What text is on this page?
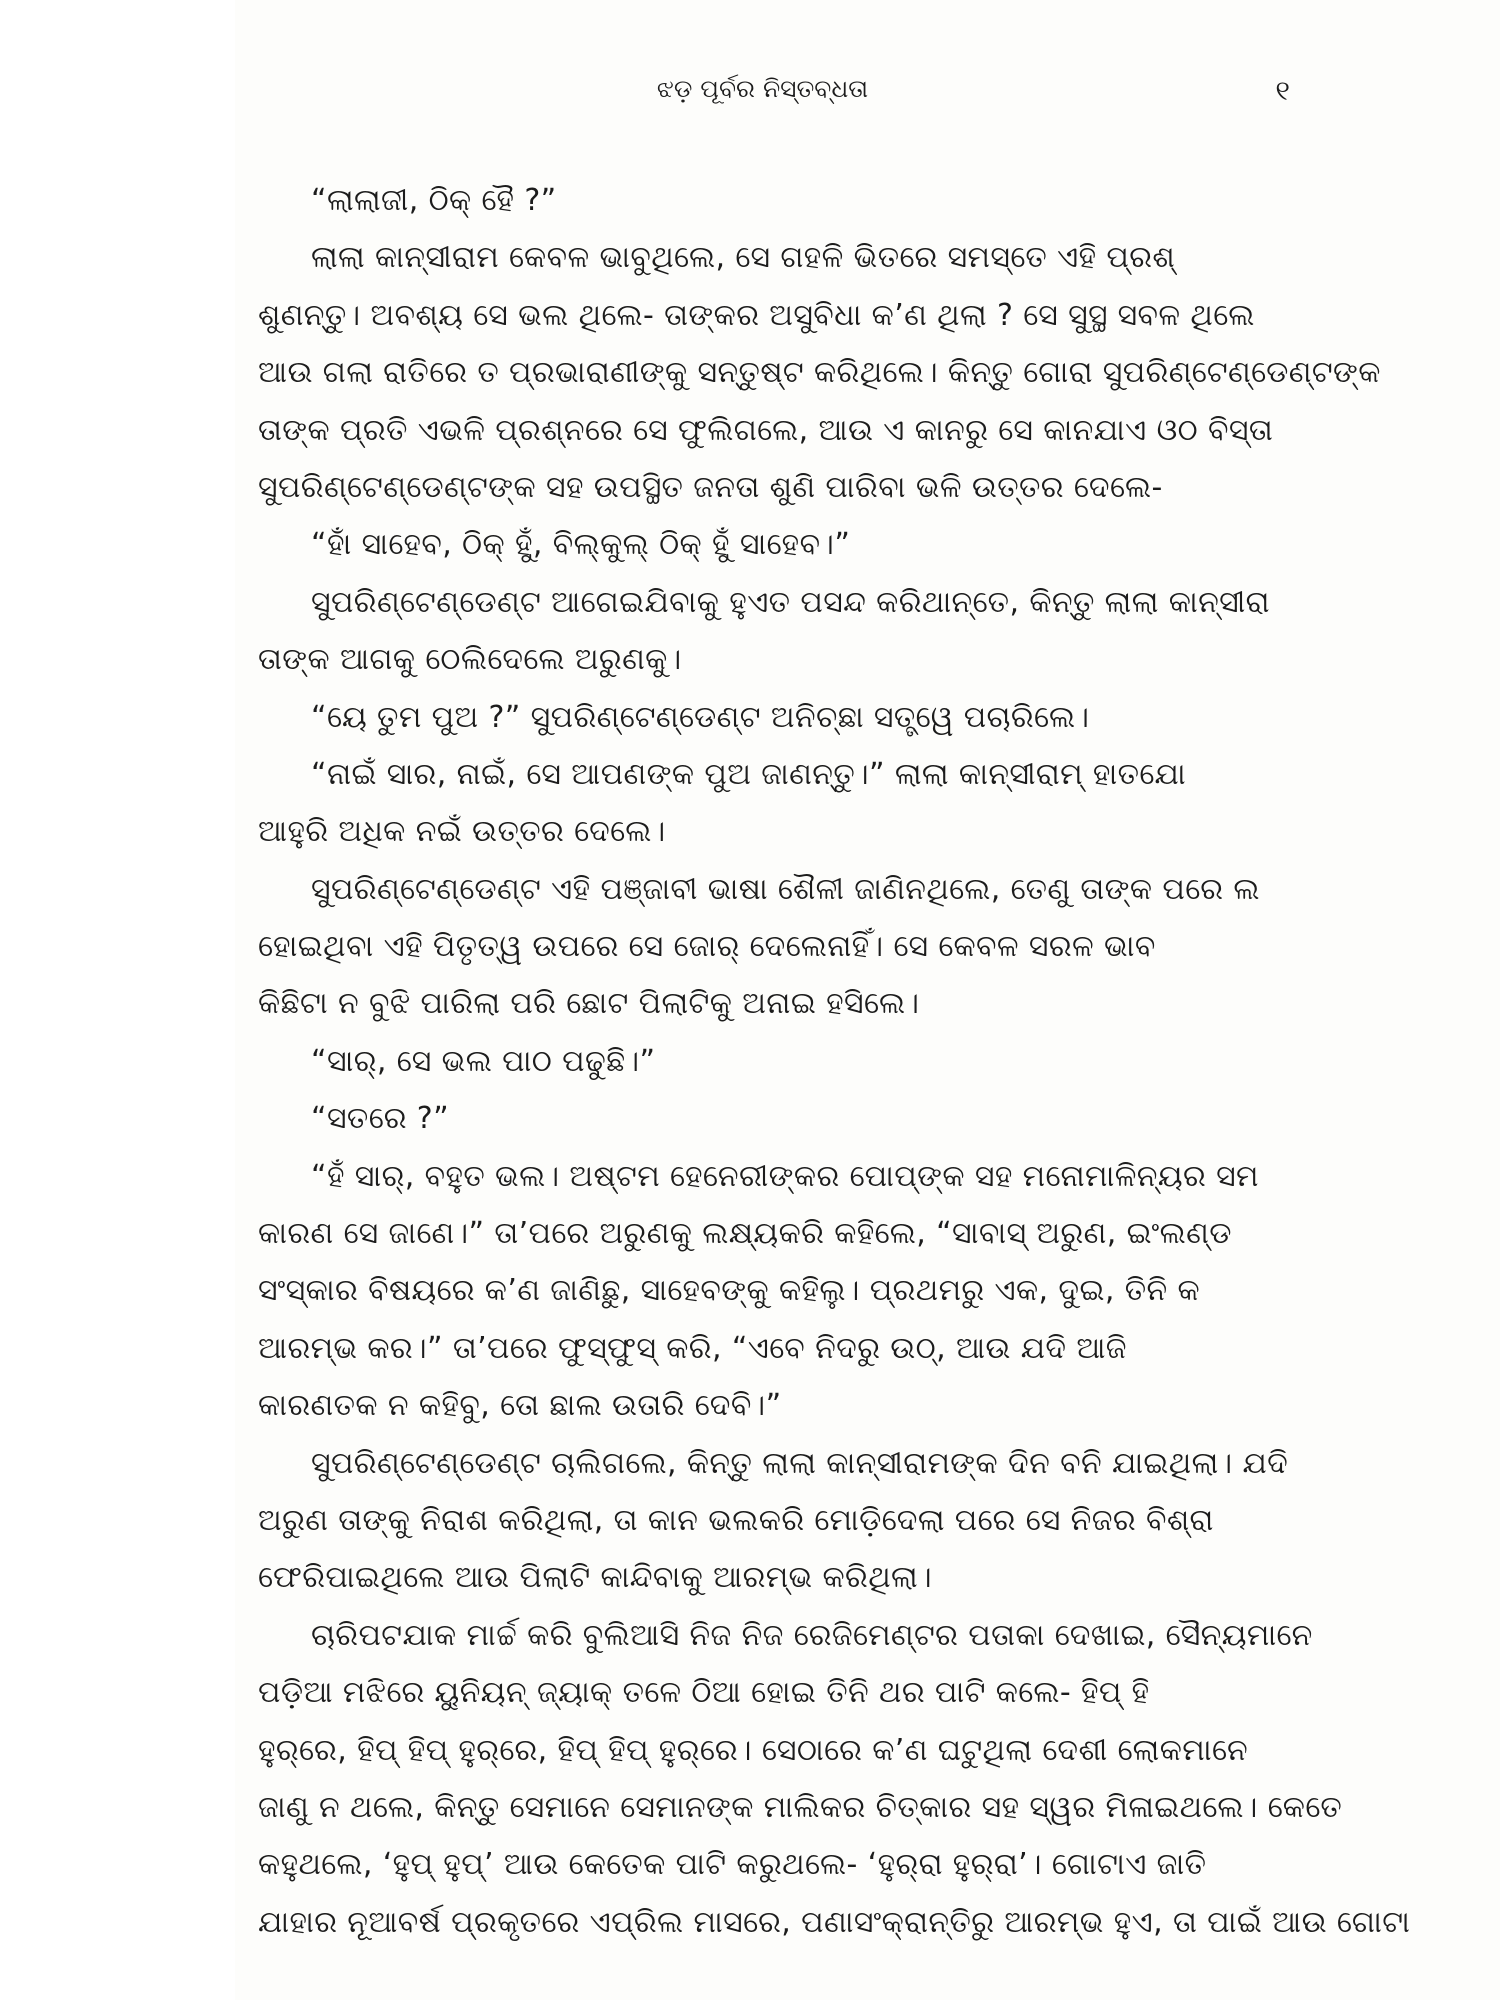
ଝଡ଼ ପୂର୍ବର ନିସ୍ତବ୍ଧତା	୧
“ଲାଲାଜୀ, ଠିକ୍ ହୈ ?”
ଲାଲା କାନ୍ସୀରାମ କେବଳ ଭାବୁଥିଲେ, ସେ ଗହଳି ଭିତରେ ସମସ୍ତେ ଏହି ପ୍ରଶ୍
ଶୁଣନ୍ତୁ। ଅବଶ୍ୟ ସେ ଭଲ ଥିଲେ- ତାଙ୍କର ଅସୁବିଧା କ’ଣ ଥିଲା ? ସେ ସୁସ୍ଥ ସବଳ ଥିଲେ
ଆଉ ଗଲା ରାତିରେ ତ ପ୍ରଭାରାଣୀଙ୍କୁ ସନ୍ତୁଷ୍ଟ କରିଥିଲେ। କିନ୍ତୁ ଗୋରା ସୁପରିଣ୍ଟେଣ୍ଡେଣ୍ଟଙ୍କ
ତାଙ୍କ ପ୍ରତି ଏଭଳି ପ୍ରଶ୍ନରେ ସେ ଫୁଲିଗଲେ, ଆଉ ଏ କାନରୁ ସେ କାନଯାଏ ଓଠ ବିସ୍ତା
ସୁପରିଣ୍ଟେଣ୍ଡେଣ୍ଟଙ୍କ ସହ ଉପସ୍ଥିତ ଜନତା ଶୁଣି ପାରିବା ଭଳି ଉତ୍ତର ଦେଲେ-
“ହାଁ ସାହେବ, ଠିକ୍ ହୁଁ, ବିଲ୍‌କୁଲ୍ ଠିକ୍ ହୁଁ ସାହେବ।”
ସୁପରିଣ୍ଟେଣ୍ଡେଣ୍ଟ ଆଗେଇଯିବାକୁ ହୁଏତ ପସନ୍ଦ କରିଥାନ୍ତେ, କିନ୍ତୁ ଲାଲା କାନ୍ସୀରା
ତାଙ୍କ ଆଗକୁ ଠେଲିଦେଲେ ଅରୁଣକୁ।
“ୟେ ତୁମ ପୁଅ ?” ସୁପରିଣ୍ଟେଣ୍ଡେଣ୍ଟ ଅନିଚ୍ଛା ସତ୍ତ୍ୱେ ପଚାରିଲେ।
“ନାଇଁ ସାର, ନାଇଁ, ସେ ଆପଣଙ୍କ ପୁଅ ଜାଣନ୍ତୁ।” ଲାଲା କାନ୍ସୀରାମ୍ ହାତଯୋ
ଆହୁରି ଅଧିକ ନଇଁ ଉତ୍ତର ଦେଲେ।
ସୁପରିଣ୍ଟେଣ୍ଡେଣ୍ଟ ଏହି ପଞ୍ଜାବୀ ଭାଷା ଶୈଳୀ ଜାଣିନଥିଲେ, ତେଣୁ ତାଙ୍କ ପରେ ଲ
ହୋଇଥିବା ଏହି ପିତୃତ୍ୱ ଉପରେ ସେ ଜୋର୍ ଦେଲେନାହିଁ। ସେ କେବଳ ସରଳ ଭାବ
କିଛିଟା ନ ବୁଝି ପାରିଲା ପରି ଛୋଟ ପିଲାଟିକୁ ଅନାଇ ହସିଲେ।
“ସାର୍, ସେ ଭଲ ପାଠ ପଢୁଛି।”
“ସତରେ ?”
“ହଁ ସାର୍, ବହୁତ ଭଲ। ଅଷ୍ଟମ ହେନେରୀଙ୍କର ପୋପ୍‌ଙ୍କ ସହ ମନୋମାଳିନ୍ୟର ସମ
କାରଣ ସେ ଜାଣେ।” ତା’ପରେ ଅରୁଣକୁ ଲକ୍ଷ୍ୟକରି କହିଲେ, “ସାବାସ୍ ଅରୁଣ, ଇଂଲଣ୍ଡ
ସଂସ୍କାର ବିଷୟରେ କ’ଣ ଜାଣିଛୁ, ସାହେବଙ୍କୁ କହିଲୁ। ପ୍ରଥମରୁ ଏକ, ଦୁଇ, ତିନି କ
ଆରମ୍ଭ କର।” ତା’ପରେ ଫୁସ୍‌ଫୁସ୍ କରି, “ଏବେ ନିଦରୁ ଉଠ୍, ଆଉ ଯଦି ଆଜି
କାରଣତକ ନ କହିବୁ, ତୋ ଛାଲ ଉତାରି ଦେବି।”
ସୁପରିଣ୍ଟେଣ୍ଡେଣ୍ଟ ଚାଲିଗଲେ, କିନ୍ତୁ ଲାଲା କାନ୍ସୀରାମଙ୍କ ଦିନ ବନି ଯାଇଥିଲା। ଯଦି
ଅରୁଣ ତାଙ୍କୁ ନିରାଶ କରିଥିଲା, ତା କାନ ଭଲକରି ମୋଡ଼ିଦେଲା ପରେ ସେ ନିଜର ବିଶ୍ରା
ଫେରିପାଇଥିଲେ ଆଉ ପିଲାଟି କାନ୍ଦିବାକୁ ଆରମ୍ଭ କରିଥିଲା।
ଚାରିପଟଯାକ ମାର୍ଚ୍ଚ କରି ବୁଲିଆସି ନିଜ ନିଜ ରେଜିମେଣ୍ଟର ପତାକା ଦେଖାଇ, ସୈନ୍ୟମାନେ
ପଡ଼ିଆ ମଝିରେ ୟୁନିୟନ୍ ଜ୍ୟାକ୍ ତଳେ ଠିଆ ହୋଇ ତିନି ଥର ପାଟି କଲେ- ହିପ୍ ହି
ହୁର୍‌ରେ, ହିପ୍ ହିପ୍ ହୁର୍‌ରେ, ହିପ୍ ହିପ୍ ହୁର୍‌ରେ। ସେଠାରେ କ’ଣ ଘଟୁଥିଲା ଦେଶୀ ଲୋକମାନେ
ଜାଣୁ ନ ଥଲେ, କିନ୍ତୁ ସେମାନେ ସେମାନଙ୍କ ମାଲିକର ଚିତ୍କାର ସହ ସ୍ୱର ମିଳାଇଥଲେ। କେତେ
କହୁଥଲେ, ‘ହୁପ୍ ହୁପ୍’ ଆଉ କେତେକ ପାଟି କରୁଥଲେ- ‘ହୁର୍‌ରା ହୁର୍‌ରା’। ଗୋଟାଏ ଜାତି
ଯାହାର ନୂଆବର୍ଷ ପ୍ରକୃତରେ ଏପ୍ରିଲ ମାସରେ, ପଣାସଂକ୍ରାନ୍ତିରୁ ଆରମ୍ଭ ହୁଏ, ତା ପାଇଁ ଆଉ ଗୋଟା
